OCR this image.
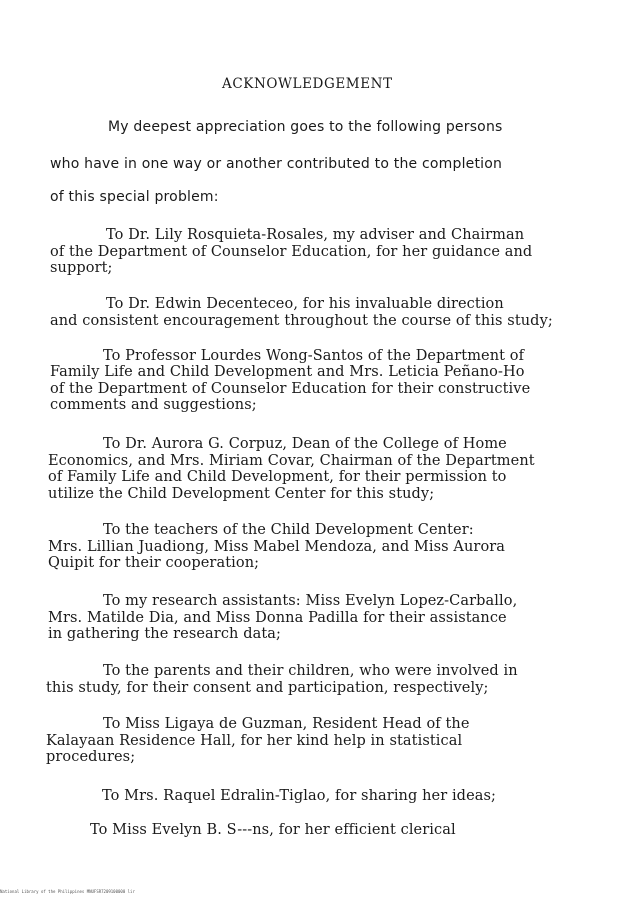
ACKNOWLEDGEMENT
My deepest appreciation goes to the following persons
who have in one way or another contributed to the completion
of this special problem:
To Dr. Lily Rosquieta-Rosales, my adviser and Chairman
of the Department of Counselor Education, for her guidance and
support;
To Dr. Edwin Decenteceo, for his invaluable direction
and consistent encouragement throughout the course of this study;
To Professor Lourdes Wong-Santos of the Department of
Family Life and Child Development and Mrs. Leticia Peñano-Ho
of the Department of Counselor Education for their constructive
comments and suggestions;
To Dr. Aurora G. Corpuz, Dean of the College of Home
Economics, and Mrs. Miriam Covar, Chairman of the Department
of Family Life and Child Development, for their permission to
utilize the Child Development Center for this study;
To the teachers of the Child Development Center:
Mrs. Lillian Juadiong, Miss Mabel Mendoza, and Miss Aurora
Quipit for their cooperation;
To my research assistants: Miss Evelyn Lopez-Carballo,
Mrs. Matilde Dia, and Miss Donna Padilla for their assistance
in gathering the research data;
To the parents and their children, who were involved in
this study, for their consent and participation, respectively;
To Miss Ligaya de Guzman, Resident Head of the
Kalayaan Residence Hall, for her kind help in statistical
procedures;
To Mrs. Raquel Edralin-Tiglao, for sharing her ideas;
To Miss Evelyn B. S---ns, for her efficient clerical
National Library of the Philippines MNUFSR7209100000 lir
